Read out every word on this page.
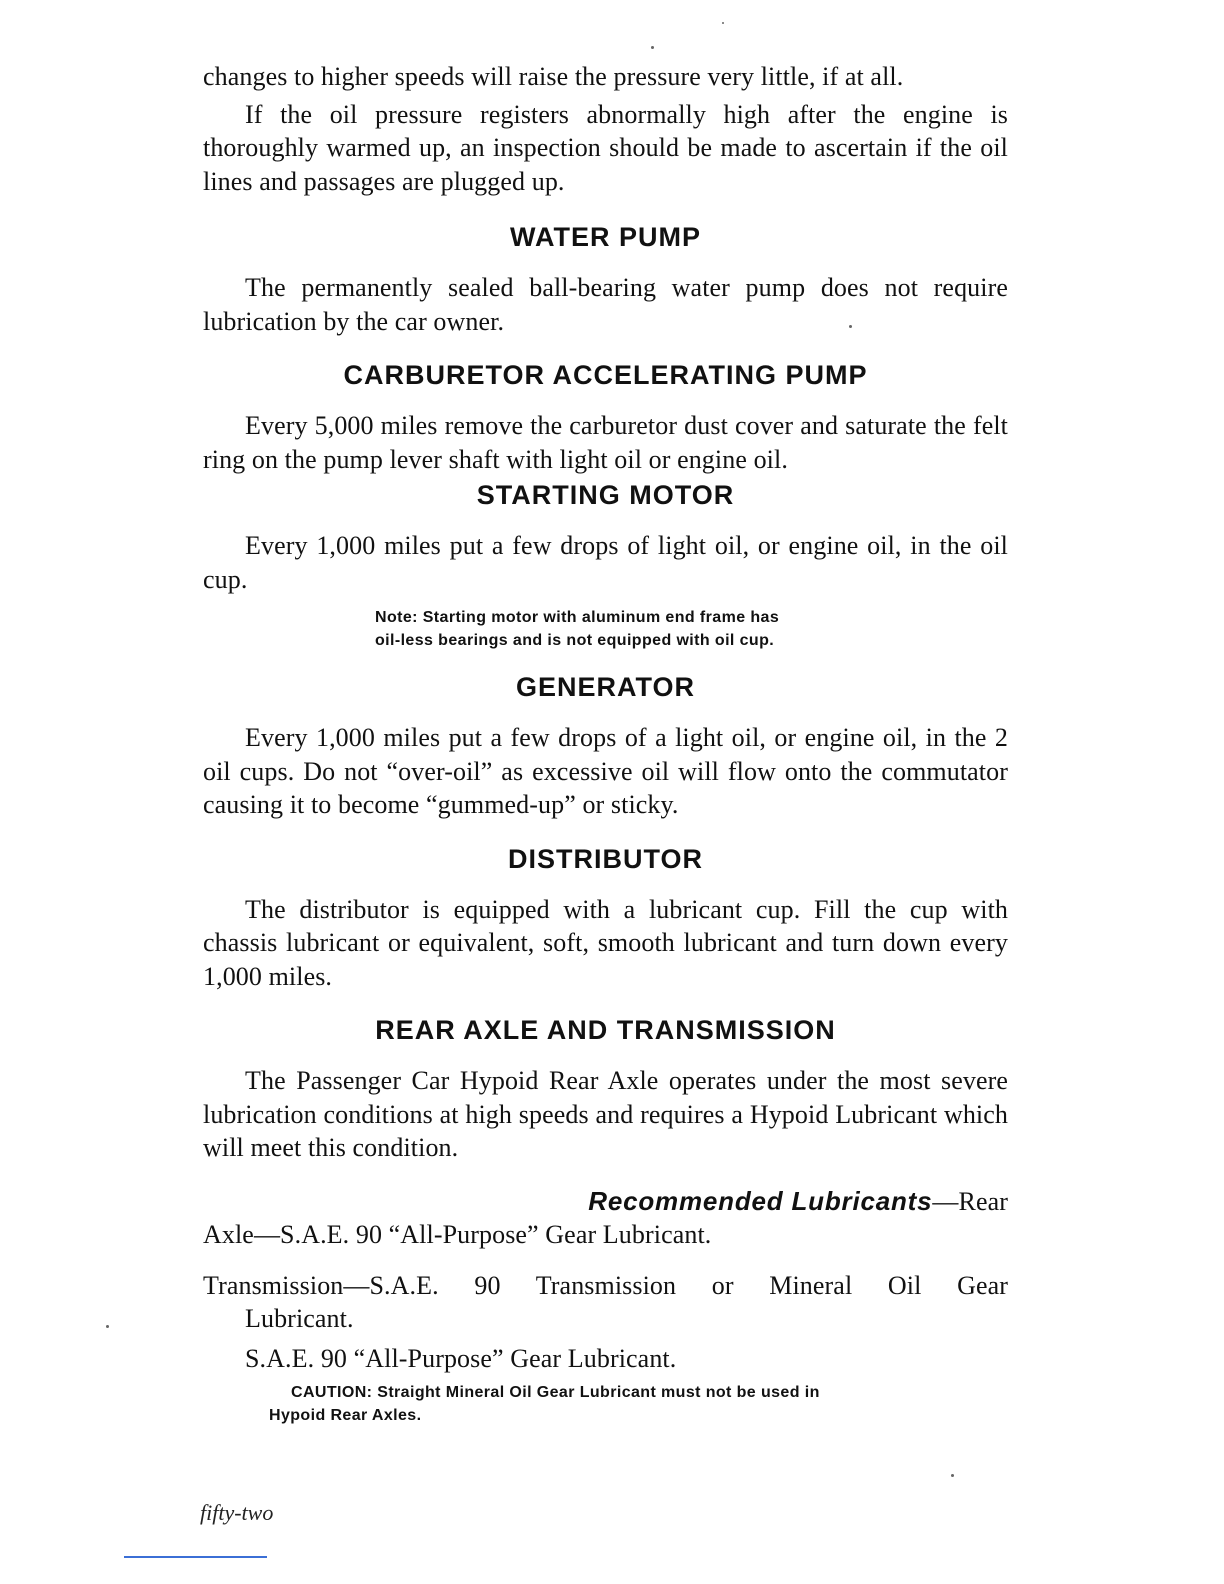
changes to higher speeds will raise the pressure very little, if at all.

If the oil pressure registers abnormally high after the engine is thoroughly warmed up, an inspection should be made to ascertain if the oil lines and passages are plugged up.

WATER PUMP

The permanently sealed ball-bearing water pump does not require lubrication by the car owner.

CARBURETOR ACCELERATING PUMP

Every 5,000 miles remove the carburetor dust cover and saturate the felt ring on the pump lever shaft with light oil or engine oil.

STARTING MOTOR

Every 1,000 miles put a few drops of light oil, or engine oil, in the oil cup.

Note: Starting motor with aluminum end frame has

oil-less bearings and is not equipped with oil cup.

GENERATOR

Every 1,000 miles put a few drops of a light oil, or engine oil, in the 2 oil cups. Do not “over-oil” as excessive oil will flow onto the commutator causing it to become “gummed-up” or sticky.

DISTRIBUTOR

The distributor is equipped with a lubricant cup. Fill the cup with chassis lubricant or equivalent, soft, smooth lubricant and turn down every 1,000 miles.

REAR AXLE AND TRANSMISSION

The Passenger Car Hypoid Rear Axle operates under the most severe lubrication conditions at high speeds and requires a Hypoid Lubricant which will meet this condition.

Recommended Lubricants—Rear

Axle—S.A.E. 90 “All-Purpose” Gear Lubricant.

Transmission—S.A.E. 90 Transmission or Mineral Oil Gear

Lubricant.

S.A.E. 90 “All-Purpose” Gear Lubricant.

CAUTION: Straight Mineral Oil Gear Lubricant must not be used in

Hypoid Rear Axles.

fifty-two
